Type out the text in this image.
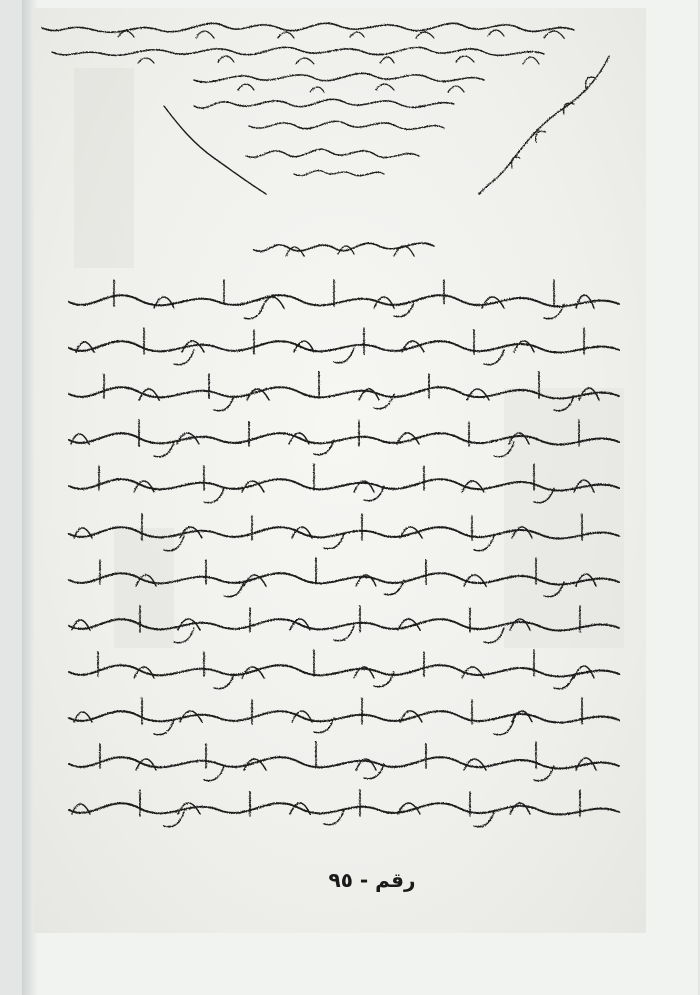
رقم - ٩٥
